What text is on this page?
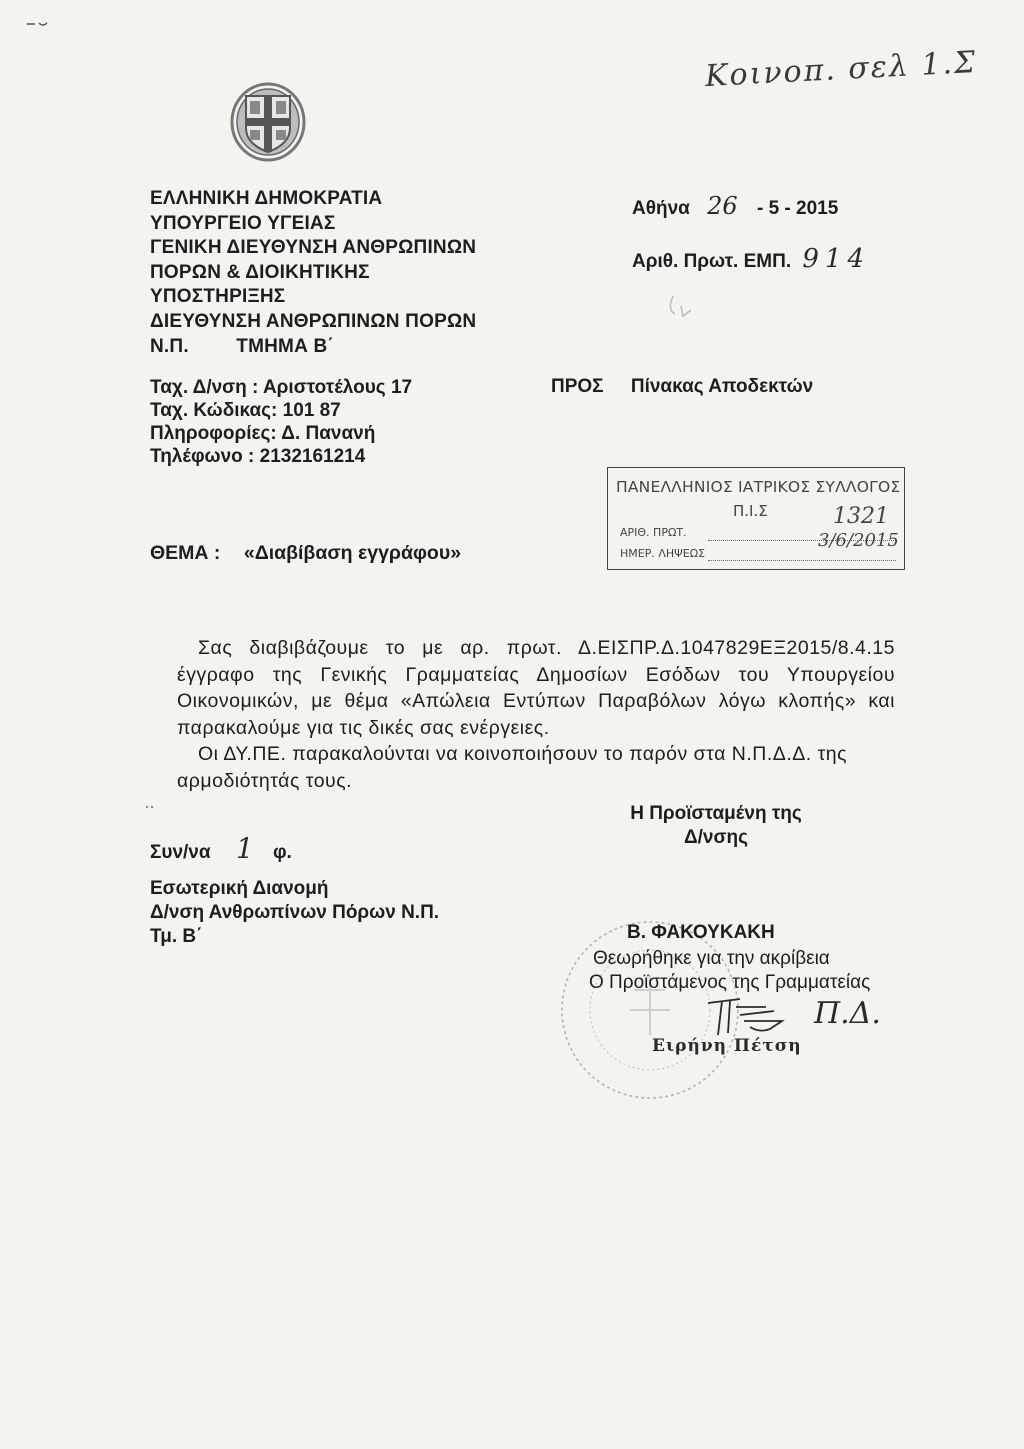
Κοινοπ. σελ 1.Σ
ΕΛΛΗΝΙΚΗ ΔΗΜΟΚΡΑΤΙΑ
ΥΠΟΥΡΓΕΙΟ ΥΓΕΙΑΣ
ΓΕΝΙΚΗ ΔΙΕΥΘΥΝΣΗ ΑΝΘΡΩΠΙΝΩΝ
ΠΟΡΩΝ & ΔΙΟΙΚΗΤΙΚΗΣ
ΥΠΟΣΤΗΡΙΞΗΣ
ΔΙΕΥΘΥΝΣΗ ΑΝΘΡΩΠΙΝΩΝ ΠΟΡΩΝ
Ν.Π. ΤΜΗΜΑ Β΄
Αθήνα 26 - 5 - 2015
Αριθ. Πρωτ. ΕΜΠ. 914
Ταχ. Δ/νση : Αριστοτέλους 17
Ταχ. Κώδικας: 101 87
Πληροφορίες: Δ. Πανανή
Τηλέφωνο : 2132161214
ΠΡΟΣ Πίνακας Αποδεκτών
ΠΑΝΕΛΛΗΝΙΟΣ ΙΑΤΡΙΚΟΣ ΣΥΛΛΟΓΟΣ
Π.Ι.Σ
ΑΡΙΘ. ΠΡΩΤ.
1321
ΗΜΕΡ. ΛΗΨΕΩΣ
3/6/2015
ΘΕΜΑ : «Διαβίβαση εγγράφου»
Σας διαβιβάζουμε το με αρ. πρωτ. Δ.ΕΙΣΠΡ.Δ.1047829ΕΞ2015/8.4.15 έγγραφο της Γενικής Γραμματείας Δημοσίων Εσόδων του Υπουργείου Οικονομικών, με θέμα «Απώλεια Εντύπων Παραβόλων λόγω κλοπής» και παρακαλούμε για τις δικές σας ενέργειες.
Οι ΔΥ.ΠΕ. παρακαλούνται να κοινοποιήσουν το παρόν στα Ν.Π.Δ.Δ. της
αρμοδιότητάς τους.
Η Προϊσταμένη της
Δ/νσης
Συν/να 1 φ.
Εσωτερική Διανομή
Δ/νση Ανθρωπίνων Πόρων Ν.Π.
Τμ. Β΄	Β. ΦΑΚΟΥΚΑΚΗ
Θεωρήθηκε για την ακρίβεια
Ο Προϊστάμενος της Γραμματείας
Π.Δ.
Ειρήνη Πέτση
